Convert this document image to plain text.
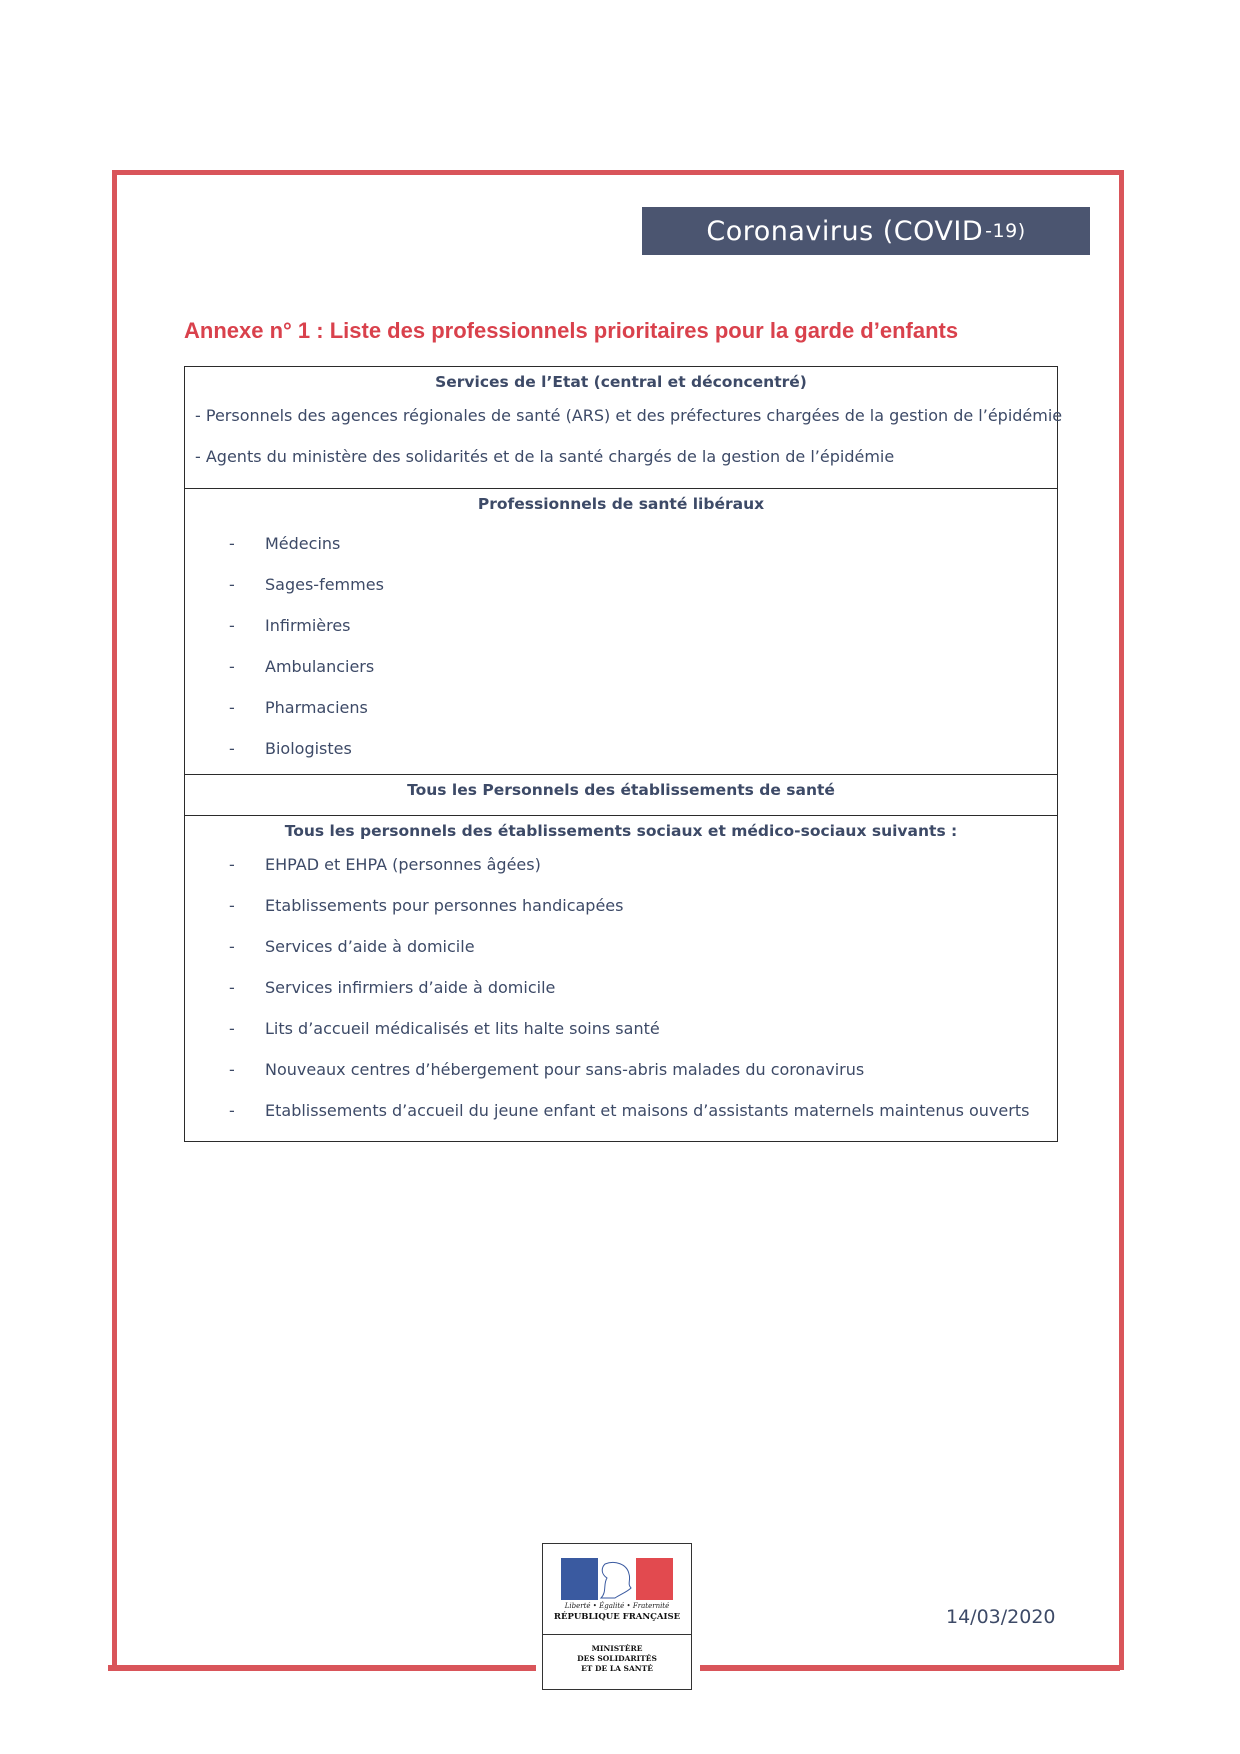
Coronavirus (COVID -19)
Annexe n° 1 : Liste des professionnels prioritaires pour la garde d’enfants
Services de l’Etat (central et déconcentré)
- Personnels des agences régionales de santé (ARS) et des préfectures chargées de la gestion de l’épidémie
- Agents du ministère des solidarités et de la santé chargés de la gestion de l’épidémie
Professionnels de santé libéraux
-	Médecins
-	Sages-femmes
-	Infirmières
-	Ambulanciers
-	Pharmaciens
-	Biologistes
Tous les Personnels des établissements de santé
Tous les personnels des établissements sociaux et médico-sociaux suivants :
-	EHPAD et EHPA (personnes âgées)
-	Etablissements pour personnes handicapées
-	Services d’aide à domicile
-	Services infirmiers d’aide à domicile
-	Lits d’accueil médicalisés et lits halte soins santé
-	Nouveaux centres d’hébergement pour sans-abris malades du coronavirus
-	Etablissements d’accueil du jeune enfant et maisons d’assistants maternels maintenus ouverts
Liberté • Égalité • Fraternité
RÉPUBLIQUE FRANÇAISE
MINISTÈRE
DES SOLIDARITÉS
ET DE LA SANTÉ
14/03/2020
